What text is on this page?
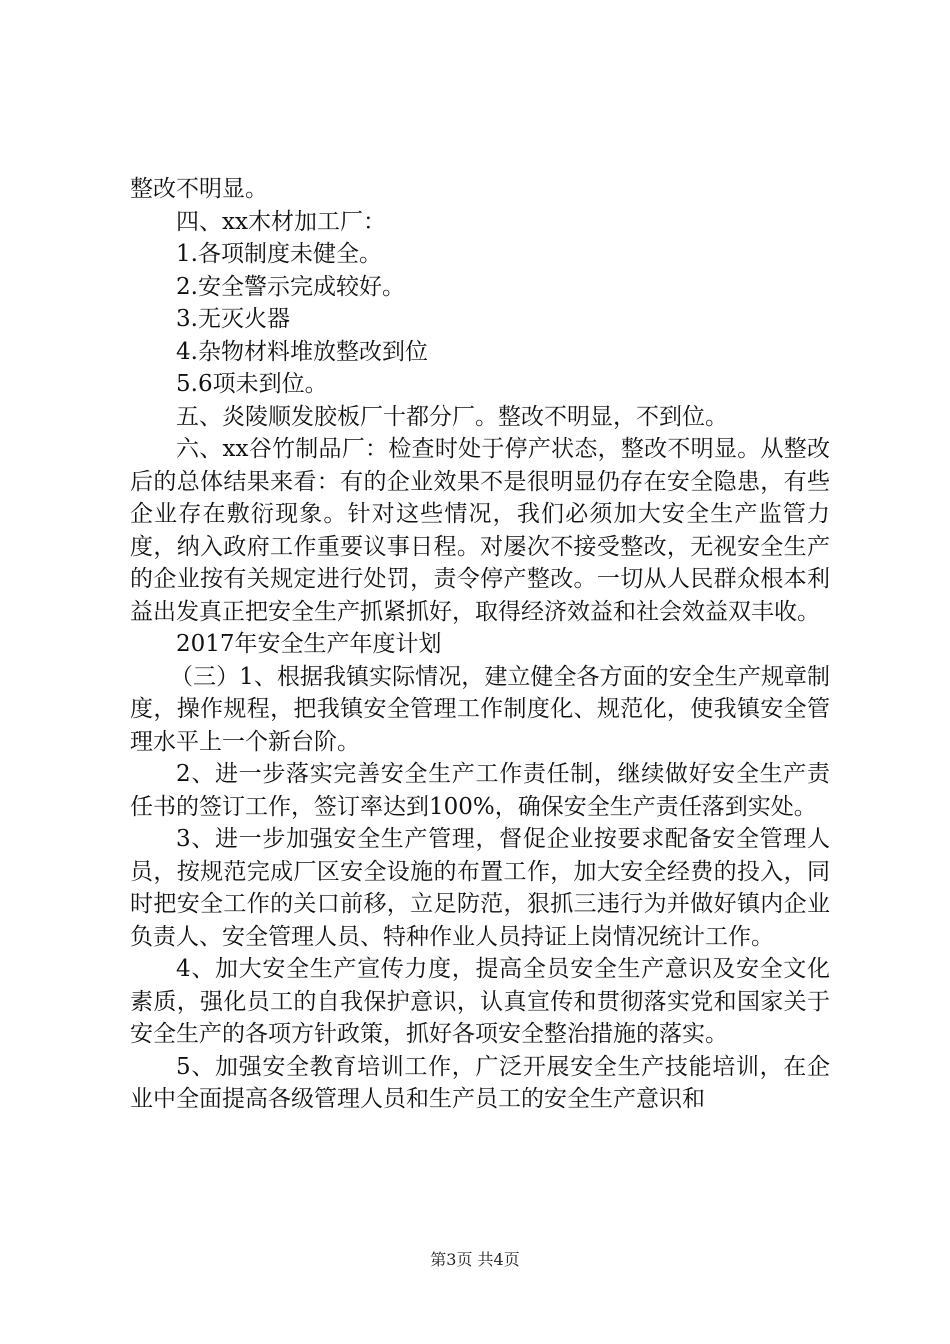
整改不明显。

四、xx木材加工厂：

1.各项制度未健全。

2.安全警示完成较好。

3.无灭火器

4.杂物材料堆放整改到位

5.6项未到位。

五、炎陵顺发胶板厂十都分厂。整改不明显，不到位。

六、xx谷竹制品厂：检查时处于停产状态，整改不明显。从整改后的总体结果来看：有的企业效果不是很明显仍存在安全隐患，有些企业存在敷衍现象。针对这些情况，我们必须加大安全生产监管力度，纳入政府工作重要议事日程。对屡次不接受整改，无视安全生产的企业按有关规定进行处罚，责令停产整改。一切从人民群众根本利益出发真正把安全生产抓紧抓好，取得经济效益和社会效益双丰收。

2017年安全生产年度计划

（三）1、根据我镇实际情况，建立健全各方面的安全生产规章制度，操作规程，把我镇安全管理工作制度化、规范化，使我镇安全管理水平上一个新台阶。

2、进一步落实完善安全生产工作责任制，继续做好安全生产责任书的签订工作，签订率达到100%，确保安全生产责任落到实处。

3、进一步加强安全生产管理，督促企业按要求配备安全管理人员，按规范完成厂区安全设施的布置工作，加大安全经费的投入，同时把安全工作的关口前移，立足防范，狠抓三违行为并做好镇内企业负责人、安全管理人员、特种作业人员持证上岗情况统计工作。

4、加大安全生产宣传力度，提高全员安全生产意识及安全文化素质，强化员工的自我保护意识，认真宣传和贯彻落实党和国家关于安全生产的各项方针政策，抓好各项安全整治措施的落实。

5、加强安全教育培训工作，广泛开展安全生产技能培训，在企业中全面提高各级管理人员和生产员工的安全生产意识和

第3页 共4页
